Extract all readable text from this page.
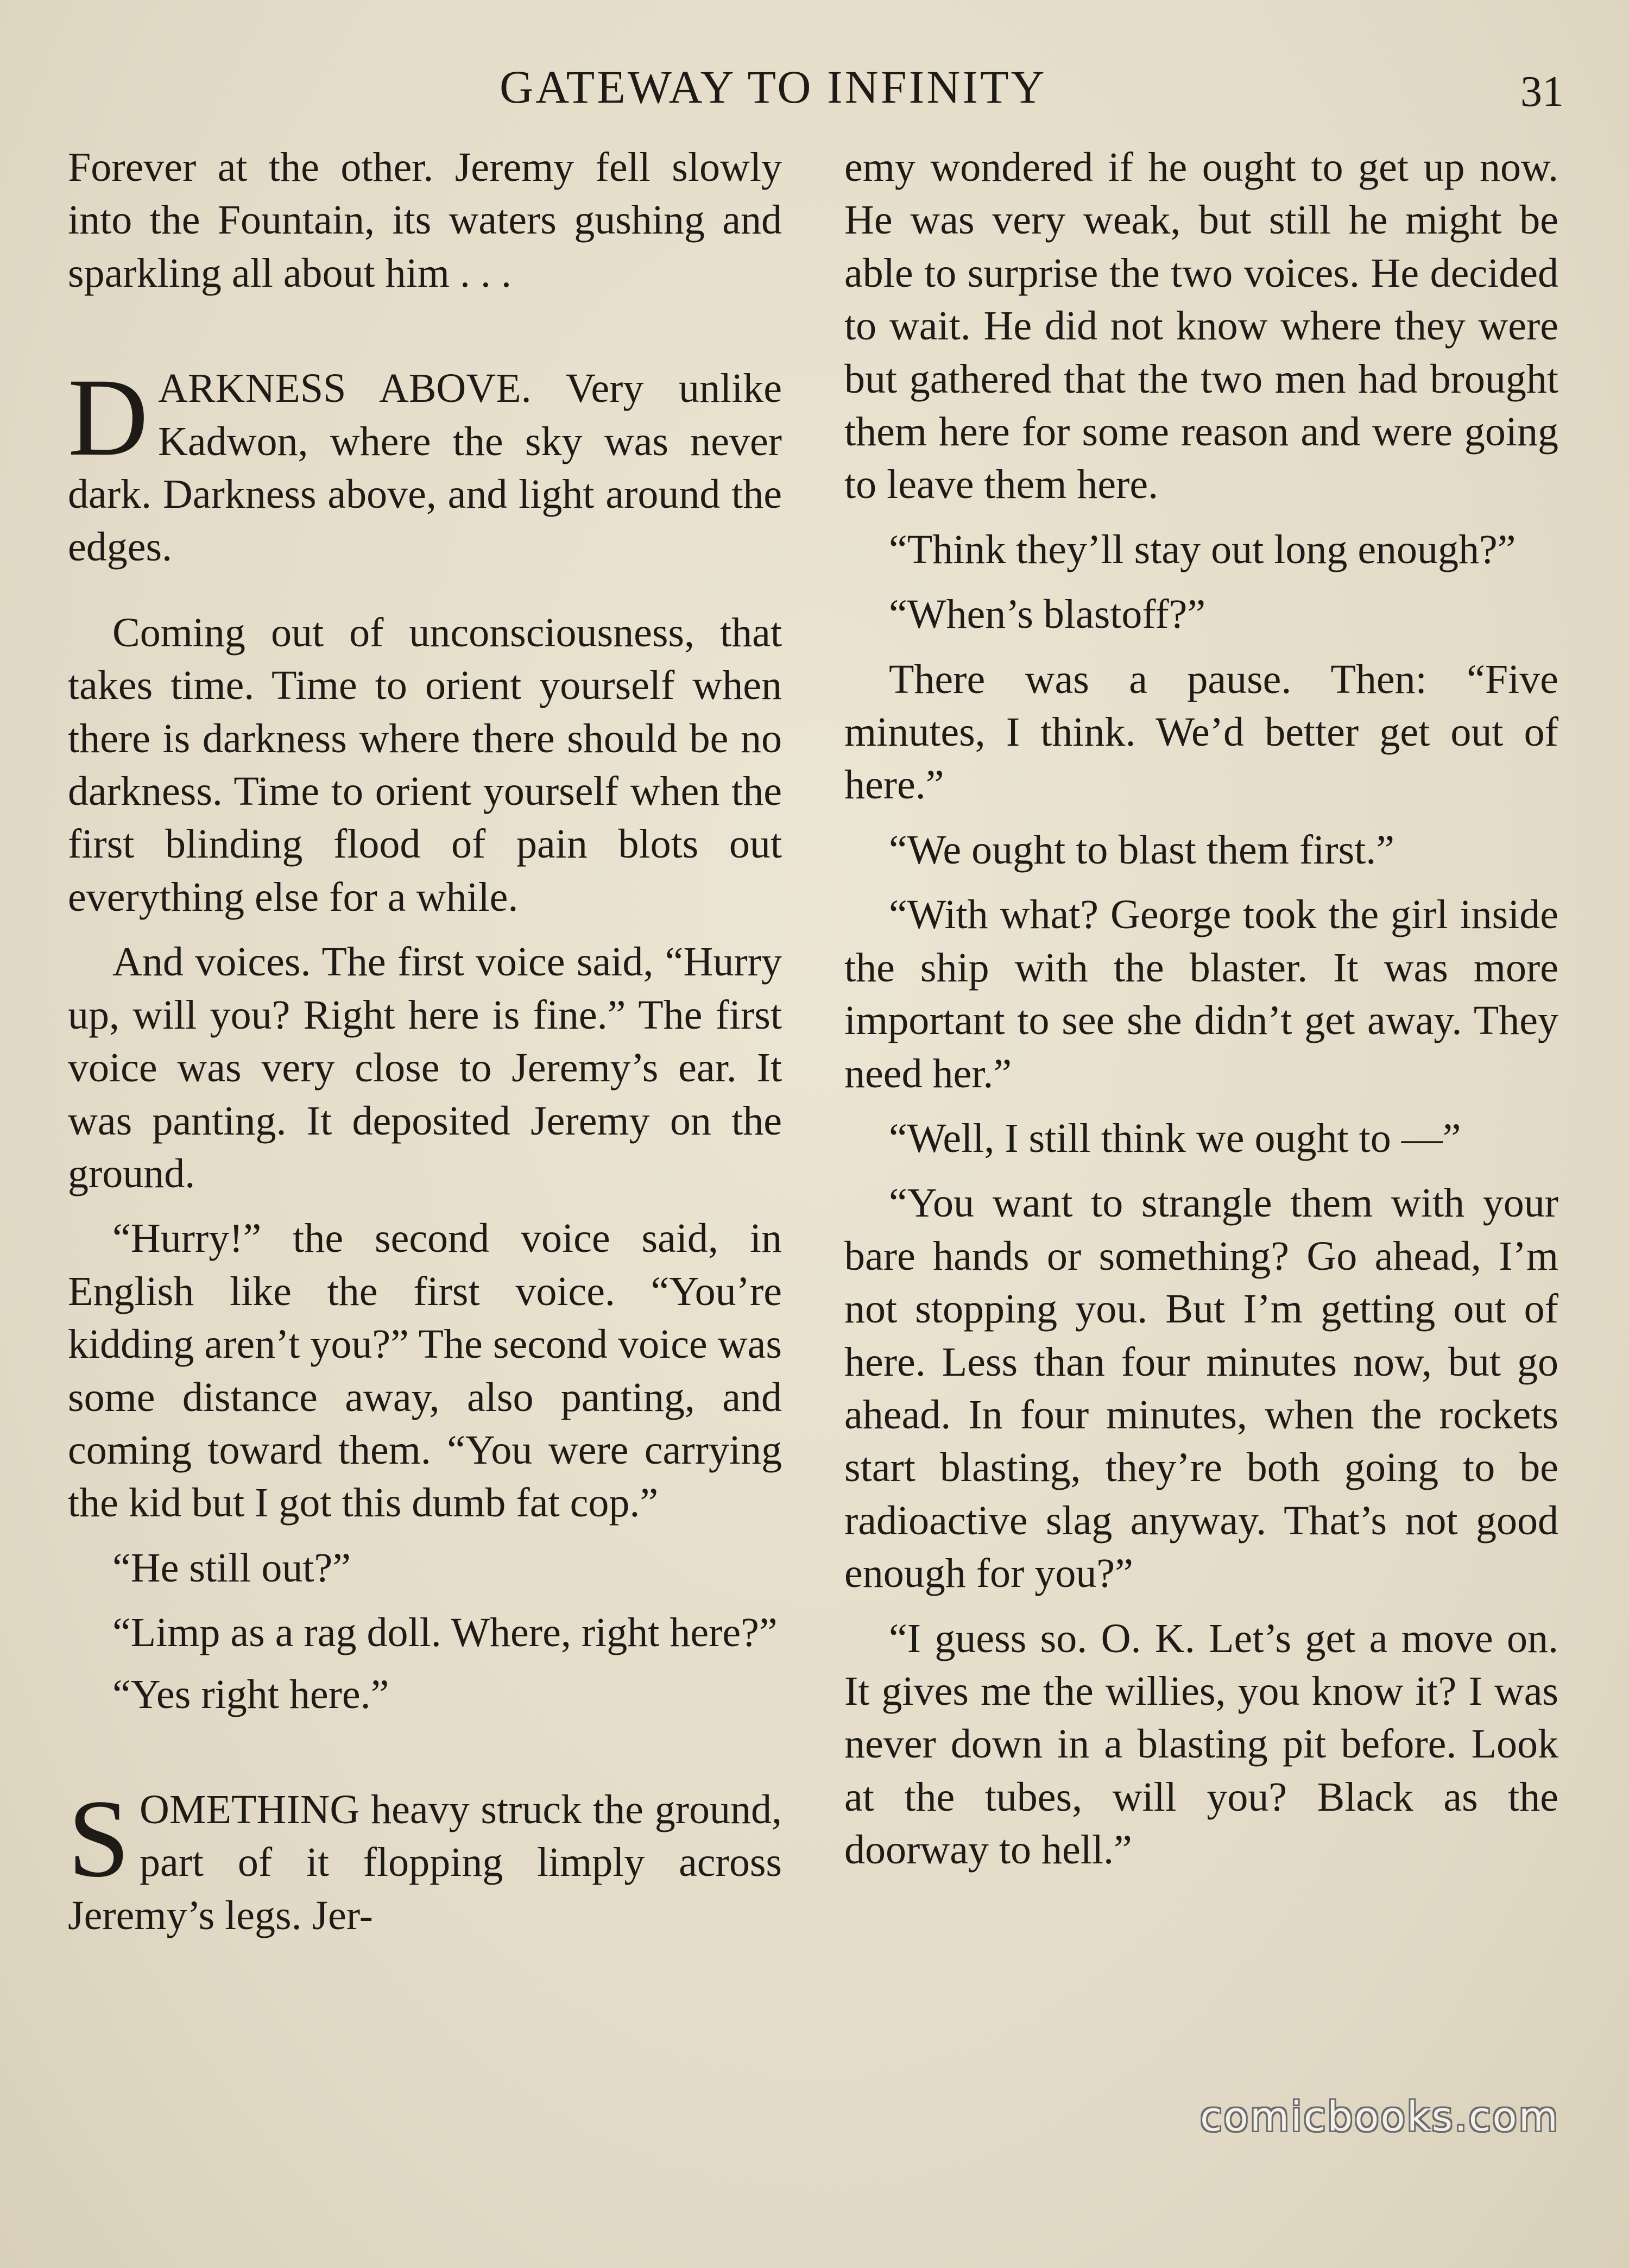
GATEWAY TO INFINITY	31

Forever at the other. Jeremy fell slowly into the Fountain, its waters gushing and sparkling all about him . . .

DARKNESS ABOVE. Very unlike Kadwon, where the sky was never dark. Darkness above, and light around the edges.

Coming out of unconsciousness, that takes time. Time to orient yourself when there is darkness where there should be no darkness. Time to orient yourself when the first blinding flood of pain blots out everything else for a while.

And voices. The first voice said, “Hurry up, will you? Right here is fine.” The first voice was very close to Jeremy’s ear. It was panting. It deposited Jeremy on the ground.

“Hurry!” the second voice said, in English like the first voice. “You’re kidding aren’t you?” The second voice was some distance away, also panting, and coming toward them. “You were carrying the kid but I got this dumb fat cop.”

“He still out?”

“Limp as a rag doll. Where, right here?”

“Yes right here.”

SOMETHING heavy struck the ground, part of it flopping limply across Jeremy’s legs. Jer-

emy wondered if he ought to get up now. He was very weak, but still he might be able to surprise the two voices. He decided to wait. He did not know where they were but gathered that the two men had brought them here for some reason and were going to leave them here.

“Think they’ll stay out long enough?”

“When’s blastoff?”

There was a pause. Then: “Five minutes, I think. We’d better get out of here.”

“We ought to blast them first.”

“With what? George took the girl inside the ship with the blaster. It was more important to see she didn’t get away. They need her.”

“Well, I still think we ought to —”

“You want to strangle them with your bare hands or something? Go ahead, I’m not stopping you. But I’m getting out of here. Less than four minutes now, but go ahead. In four minutes, when the rockets start blasting, they’re both going to be radioactive slag anyway. That’s not good enough for you?”

“I guess so. O. K. Let’s get a move on. It gives me the willies, you know it? I was never down in a blasting pit before. Look at the tubes, will you? Black as the doorway to hell.”

comicbooks.com
